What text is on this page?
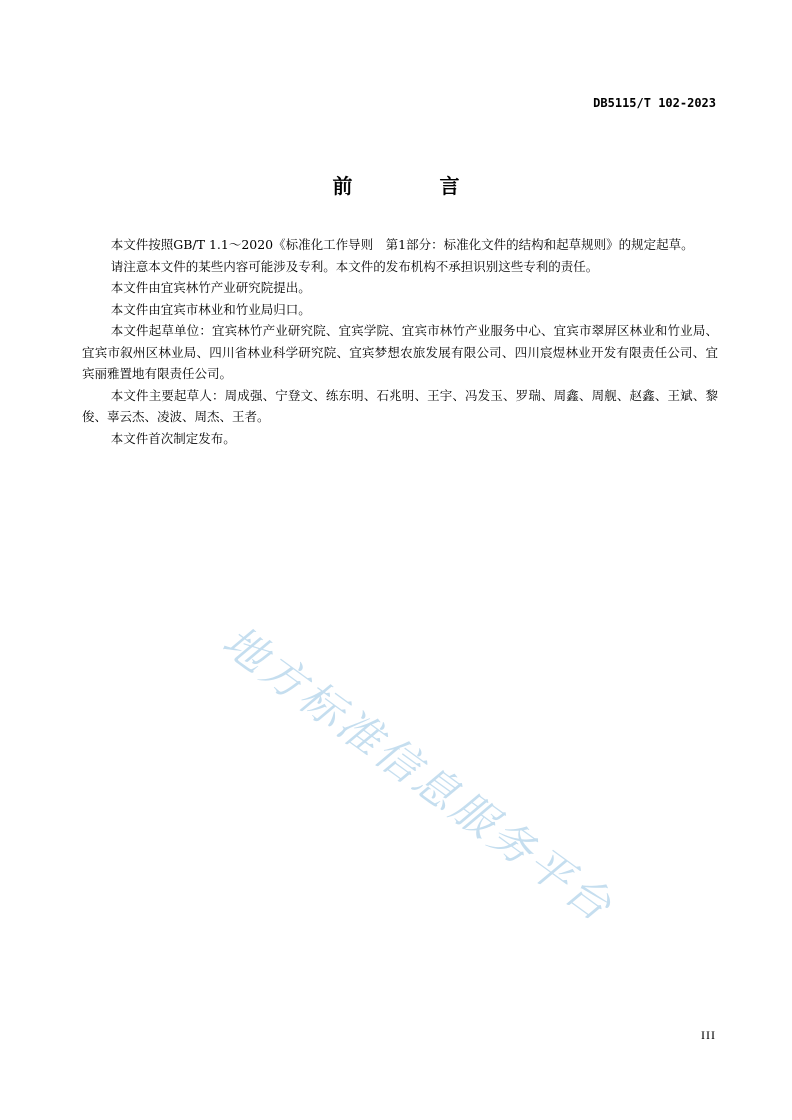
DB5115/T 102-2023
前 言

本文件按照GB/T 1.1～2020《标准化工作导则　第1部分：标准化文件的结构和起草规则》的规定起草。

请注意本文件的某些内容可能涉及专利。本文件的发布机构不承担识别这些专利的责任。

本文件由宜宾林竹产业研究院提出。

本文件由宜宾市林业和竹业局归口。

本文件起草单位：宜宾林竹产业研究院、宜宾学院、宜宾市林竹产业服务中心、宜宾市翠屏区林业和竹业局、宜宾市叙州区林业局、四川省林业科学研究院、宜宾梦想农旅发展有限公司、四川宸煜林业开发有限责任公司、宜宾丽雅置地有限责任公司。

本文件主要起草人：周成强、宁登文、练东明、石兆明、王宇、冯发玉、罗瑞、周鑫、周舰、赵鑫、王斌、黎俊、辜云杰、凌波、周杰、王者。

本文件首次制定发布。

地方标准信息服务平台
III
